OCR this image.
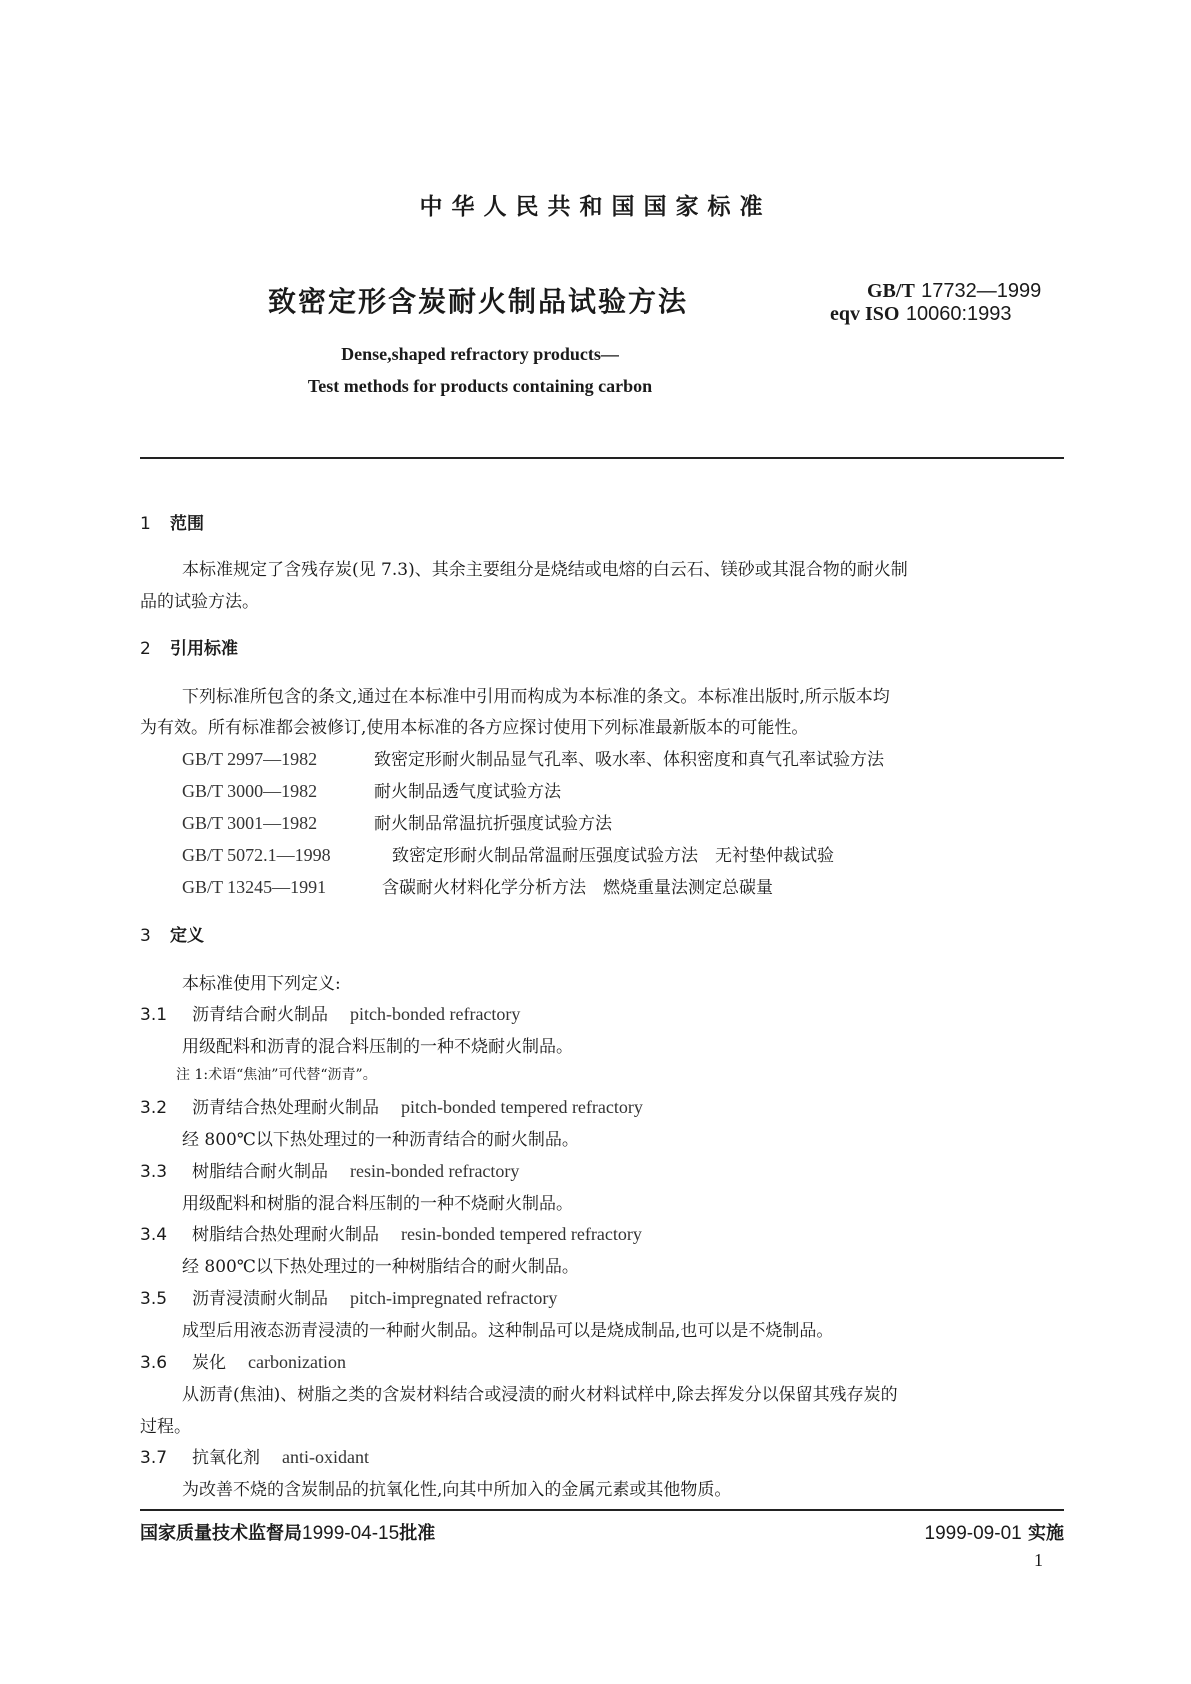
中华人民共和国国家标准
致密定形含炭耐火制品试验方法	GB/T 17732—1999
eqv ISO 10060:1993
Dense,shaped refractory products—
Test methods for products containing carbon
1 范围
本标准规定了含残存炭(见 7.3)、其余主要组分是烧结或电熔的白云石、镁砂或其混合物的耐火制
品的试验方法。
2 引用标准
下列标准所包含的条文,通过在本标准中引用而构成为本标准的条文。本标准出版时,所示版本均
为有效。所有标准都会被修订,使用本标准的各方应探讨使用下列标准最新版本的可能性。
GB/T 2997—1982	致密定形耐火制品显气孔率、吸水率、体积密度和真气孔率试验方法
GB/T 3000—1982	耐火制品透气度试验方法
GB/T 3001—1982	耐火制品常温抗折强度试验方法
GB/T 5072.1—1998	致密定形耐火制品常温耐压强度试验方法　无衬垫仲裁试验
GB/T 13245—1991	含碳耐火材料化学分析方法　燃烧重量法测定总碳量
3 定义
本标准使用下列定义:
3.1 沥青结合耐火制品 pitch-bonded refractory
用级配料和沥青的混合料压制的一种不烧耐火制品。
注 1:术语“焦油”可代替“沥青”。
3.2 沥青结合热处理耐火制品 pitch-bonded tempered refractory
经 800℃以下热处理过的一种沥青结合的耐火制品。
3.3 树脂结合耐火制品 resin-bonded refractory
用级配料和树脂的混合料压制的一种不烧耐火制品。
3.4 树脂结合热处理耐火制品 resin-bonded tempered refractory
经 800℃以下热处理过的一种树脂结合的耐火制品。
3.5 沥青浸渍耐火制品 pitch-impregnated refractory
成型后用液态沥青浸渍的一种耐火制品。这种制品可以是烧成制品,也可以是不烧制品。
3.6 炭化 carbonization
从沥青(焦油)、树脂之类的含炭材料结合或浸渍的耐火材料试样中,除去挥发分以保留其残存炭的
过程。
3.7 抗氧化剂 anti-oxidant
为改善不烧的含炭制品的抗氧化性,向其中所加入的金属元素或其他物质。
国家质量技术监督局1999-04-15批准	1999-09-01 实施
1
